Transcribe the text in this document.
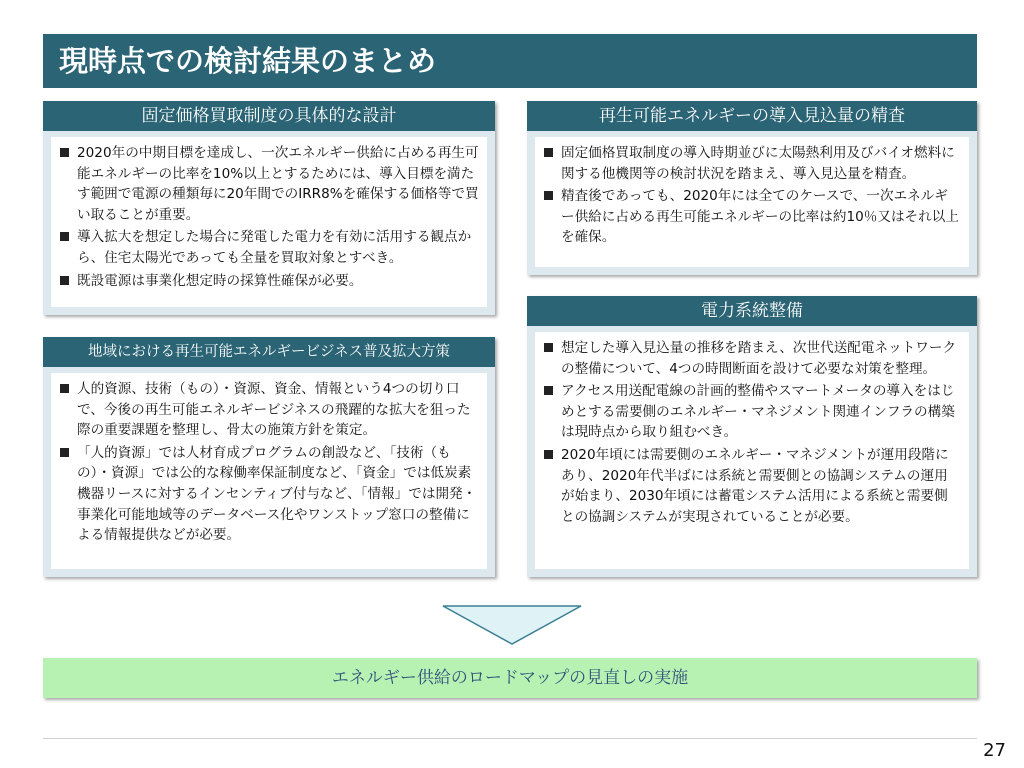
現時点での検討結果のまとめ
固定価格買取制度の具体的な設計
2020年の中期目標を達成し、一次エネルギー供給に占める再生可能エネルギーの比率を10%以上とするためには、導入目標を満たす範囲で電源の種類毎に20年間でのIRR8%を確保する価格等で買い取ることが重要。
導入拡大を想定した場合に発電した電力を有効に活用する観点から、住宅太陽光であっても全量を買取対象とすべき。
既設電源は事業化想定時の採算性確保が必要。
地域における再生可能エネルギービジネス普及拡大方策
人的資源、技術（もの）・資源、資金、情報という4つの切り口で、今後の再生可能エネルギービジネスの飛躍的な拡大を狙った際の重要課題を整理し、骨太の施策方針を策定。
「人的資源」では人材育成プログラムの創設など、「技術（もの）・資源」では公的な稼働率保証制度など、「資金」では低炭素機器リースに対するインセンティブ付与など、「情報」では開発・事業化可能地域等のデータベース化やワンストップ窓口の整備による情報提供などが必要。
再生可能エネルギーの導入見込量の精査
固定価格買取制度の導入時期並びに太陽熱利用及びバイオ燃料に関する他機関等の検討状況を踏まえ、導入見込量を精査。
精査後であっても、2020年には全てのケースで、一次エネルギー供給に占める再生可能エネルギーの比率は約10％又はそれ以上を確保。
電力系統整備
想定した導入見込量の推移を踏まえ、次世代送配電ネットワークの整備について、4つの時間断面を設けて必要な対策を整理。
アクセス用送配電線の計画的整備やスマートメータの導入をはじめとする需要側のエネルギー・マネジメント関連インフラの構築は現時点から取り組むべき。
2020年頃には需要側のエネルギー・マネジメントが運用段階にあり、2020年代半ばには系統と需要側との協調システムの運用が始まり、2030年頃には蓄電システム活用による系統と需要側との協調システムが実現されていることが必要。
エネルギー供給のロードマップの見直しの実施
27
